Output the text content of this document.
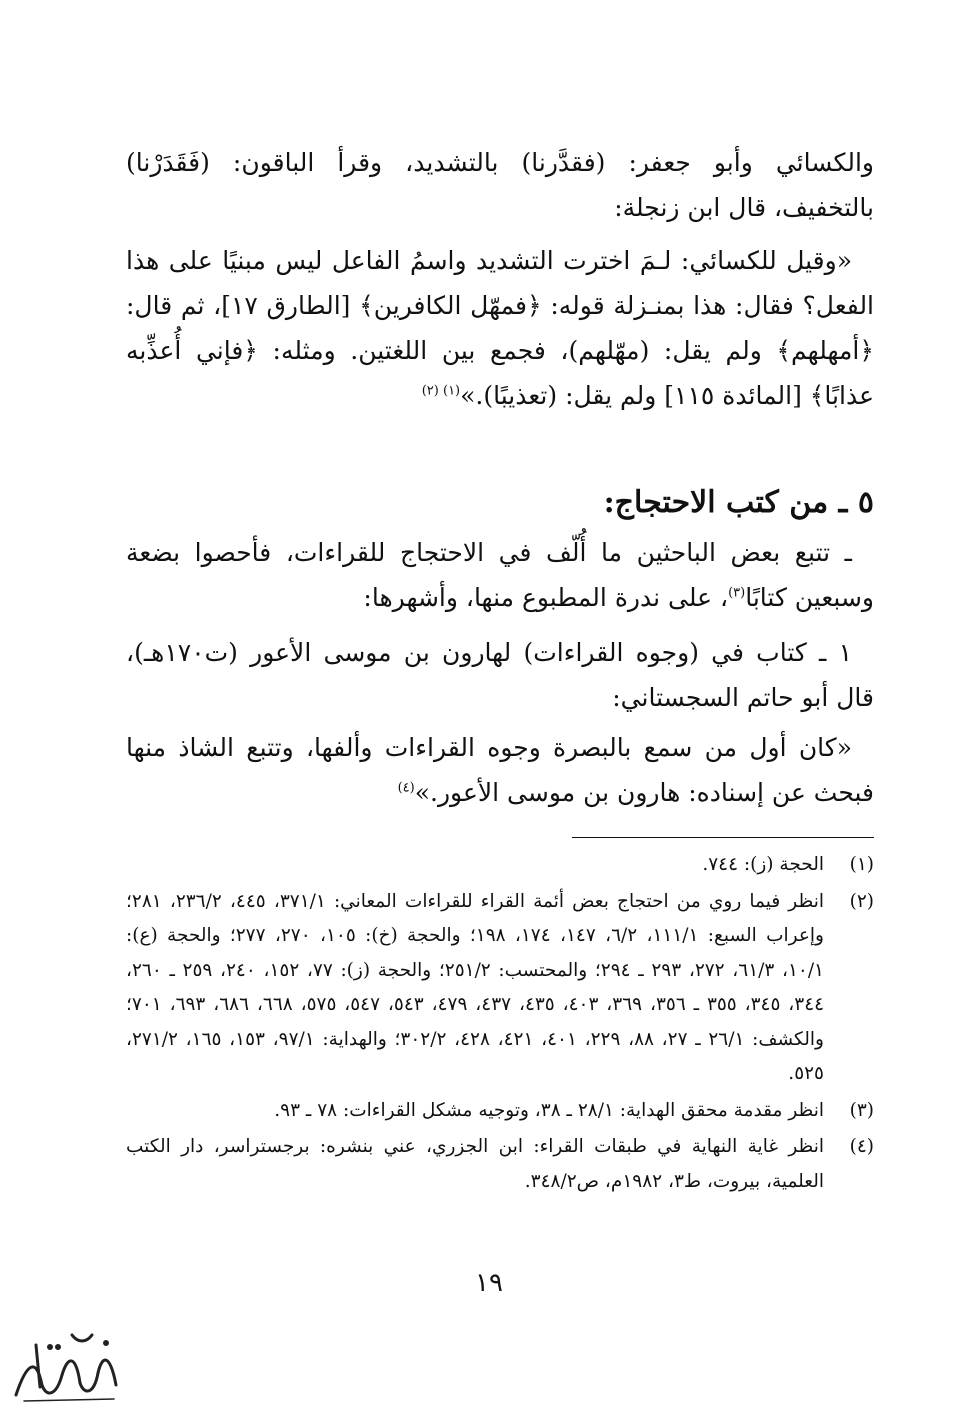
والكسائي وأبو جعفر: (فقدَّرنا) بالتشديد، وقرأ الباقون: (فَقَدَرْنا) بالتخفيف، قال ابن زنجلة:

«وقيل للكسائي: لـمَ اخترت التشديد واسمُ الفاعل ليس مبنيًا على هذا الفعل؟ فقال: هذا بمنـزلة قوله: ﴿فمهّل الكافرين﴾ [الطارق ١٧]، ثم قال: ﴿أمهلهم﴾ ولم يقل: (مهّلهم)، فجمع بين اللغتين. ومثله: ﴿فإني أُعذِّبه عذابًا﴾ [المائدة ١١٥] ولم يقل: (تعذيبًا).»$^{(١) (٢)}$

٥ ـ من كتب الاحتجاج:

ـ تتبع بعض الباحثين ما أُلّف في الاحتجاج للقراءات، فأحصوا بضعة وسبعين كتابًا$^{(٣)}$، على ندرة المطبوع منها، وأشهرها:

١ ـ كتاب في (وجوه القراءات) لهارون بن موسى الأعور (ت١٧٠هـ)، قال أبو حاتم السجستاني:

«كان أول من سمع بالبصرة وجوه القراءات وألفها، وتتبع الشاذ منها فبحث عن إسناده: هارون بن موسى الأعور.»$^{(٤)}$

(١)
الحجة (ز): ٧٤٤.
(٢)
انظر فيما روي من احتجاج بعض أئمة القراء للقراءات المعاني: ٣٧١/١، ٤٤٥، ٢٣٦/٢، ٢٨١؛ وإعراب السبع: ١١١/١، ٦/٢، ١٤٧، ١٧٤، ١٩٨؛ والحجة (خ): ١٠٥، ٢٧٠، ٢٧٧؛ والحجة (ع): ١٠/١، ٦١/٣، ٢٧٢، ٢٩٣ ـ ٢٩٤؛ والمحتسب: ٢٥١/٢؛ والحجة (ز): ٧٧، ١٥٢، ٢٤٠، ٢٥٩ ـ ٢٦٠، ٣٤٤، ٣٤٥، ٣٥٥ ـ ٣٥٦، ٣٦٩، ٤٠٣، ٤٣٥، ٤٣٧، ٤٧٩، ٥٤٣، ٥٤٧، ٥٧٥، ٦٦٨، ٦٨٦، ٦٩٣، ٧٠١؛ والكشف: ٢٦/١ ـ ٢٧، ٨٨، ٢٢٩، ٤٠١، ٤٢١، ٤٢٨، ٣٠٢/٢؛ والهداية: ٩٧/١، ١٥٣، ١٦٥، ٢٧١/٢، ٥٢٥.
(٣)
انظر مقدمة محقق الهداية: ٢٨/١ ـ ٣٨، وتوجيه مشكل القراءات: ٧٨ ـ ٩٣.
(٤)
انظر غاية النهاية في طبقات القراء: ابن الجزري، عني بنشره: برجستراسر، دار الكتب العلمية، بيروت، ط٣، ١٩٨٢م، ص٣٤٨/٢.
١٩
